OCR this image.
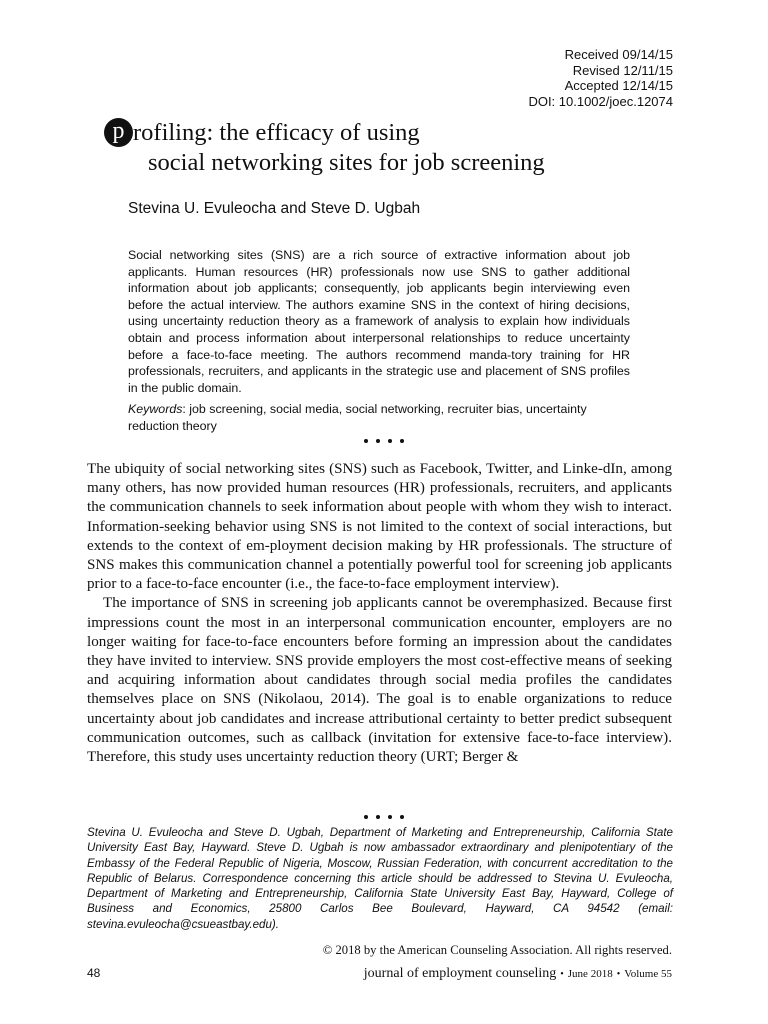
Received 09/14/15
Revised 12/11/15
Accepted 12/14/15
DOI: 10.1002/joec.12074
p rofiling: the efficacy of using
social networking sites for job screening
Stevina U. Evuleocha and Steve D. Ugbah
Social networking sites (SNS) are a rich source of extractive information about job applicants. Human resources (HR) professionals now use SNS to gather additional information about job applicants; consequently, job applicants begin interviewing even before the actual interview. The authors examine SNS in the context of hiring decisions, using uncertainty reduction theory as a framework of analysis to explain how individuals obtain and process information about interpersonal relationships to reduce uncertainty before a face-to-face meeting. The authors recommend manda-tory training for HR professionals, recruiters, and applicants in the strategic use and placement of SNS profiles in the public domain.
Keywords: job screening, social media, social networking, recruiter bias, uncertainty reduction theory

The ubiquity of social networking sites (SNS) such as Facebook, Twitter, and Linke-dIn, among many others, has now provided human resources (HR) professionals, recruiters, and applicants the communication channels to seek information about people with whom they wish to interact. Information-seeking behavior using SNS is not limited to the context of social interactions, but extends to the context of em-ployment decision making by HR professionals. The structure of SNS makes this communication channel a potentially powerful tool for screening job applicants prior to a face-to-face encounter (i.e., the face-to-face employment interview).

The importance of SNS in screening job applicants cannot be overemphasized. Because first impressions count the most in an interpersonal communication encounter, employers are no longer waiting for face-to-face encounters before forming an impression about the candidates they have invited to interview. SNS provide employers the most cost-effective means of seeking and acquiring information about candidates through social media profiles the candidates themselves place on SNS (Nikolaou, 2014). The goal is to enable organizations to reduce uncertainty about job candidates and increase attributional certainty to better predict subsequent communication outcomes, such as callback (invitation for extensive face-to-face interview). Therefore, this study uses uncertainty reduction theory (URT; Berger &

Stevina U. Evuleocha and Steve D. Ugbah, Department of Marketing and Entrepreneurship, California State University East Bay, Hayward. Steve D. Ugbah is now ambassador extraordinary and plenipotentiary of the Embassy of the Federal Republic of Nigeria, Moscow, Russian Federation, with concurrent accreditation to the Republic of Belarus. Correspondence concerning this article should be addressed to Stevina U. Evuleocha, Department of Marketing and Entrepreneurship, California State University East Bay, Hayward, College of Business and Economics, 25800 Carlos Bee Boulevard, Hayward, CA 94542 (email: stevina.evuleocha@csueastbay.edu).
© 2018 by the American Counseling Association. All rights reserved.
48	journal of employment counseling • June 2018 • Volume 55
